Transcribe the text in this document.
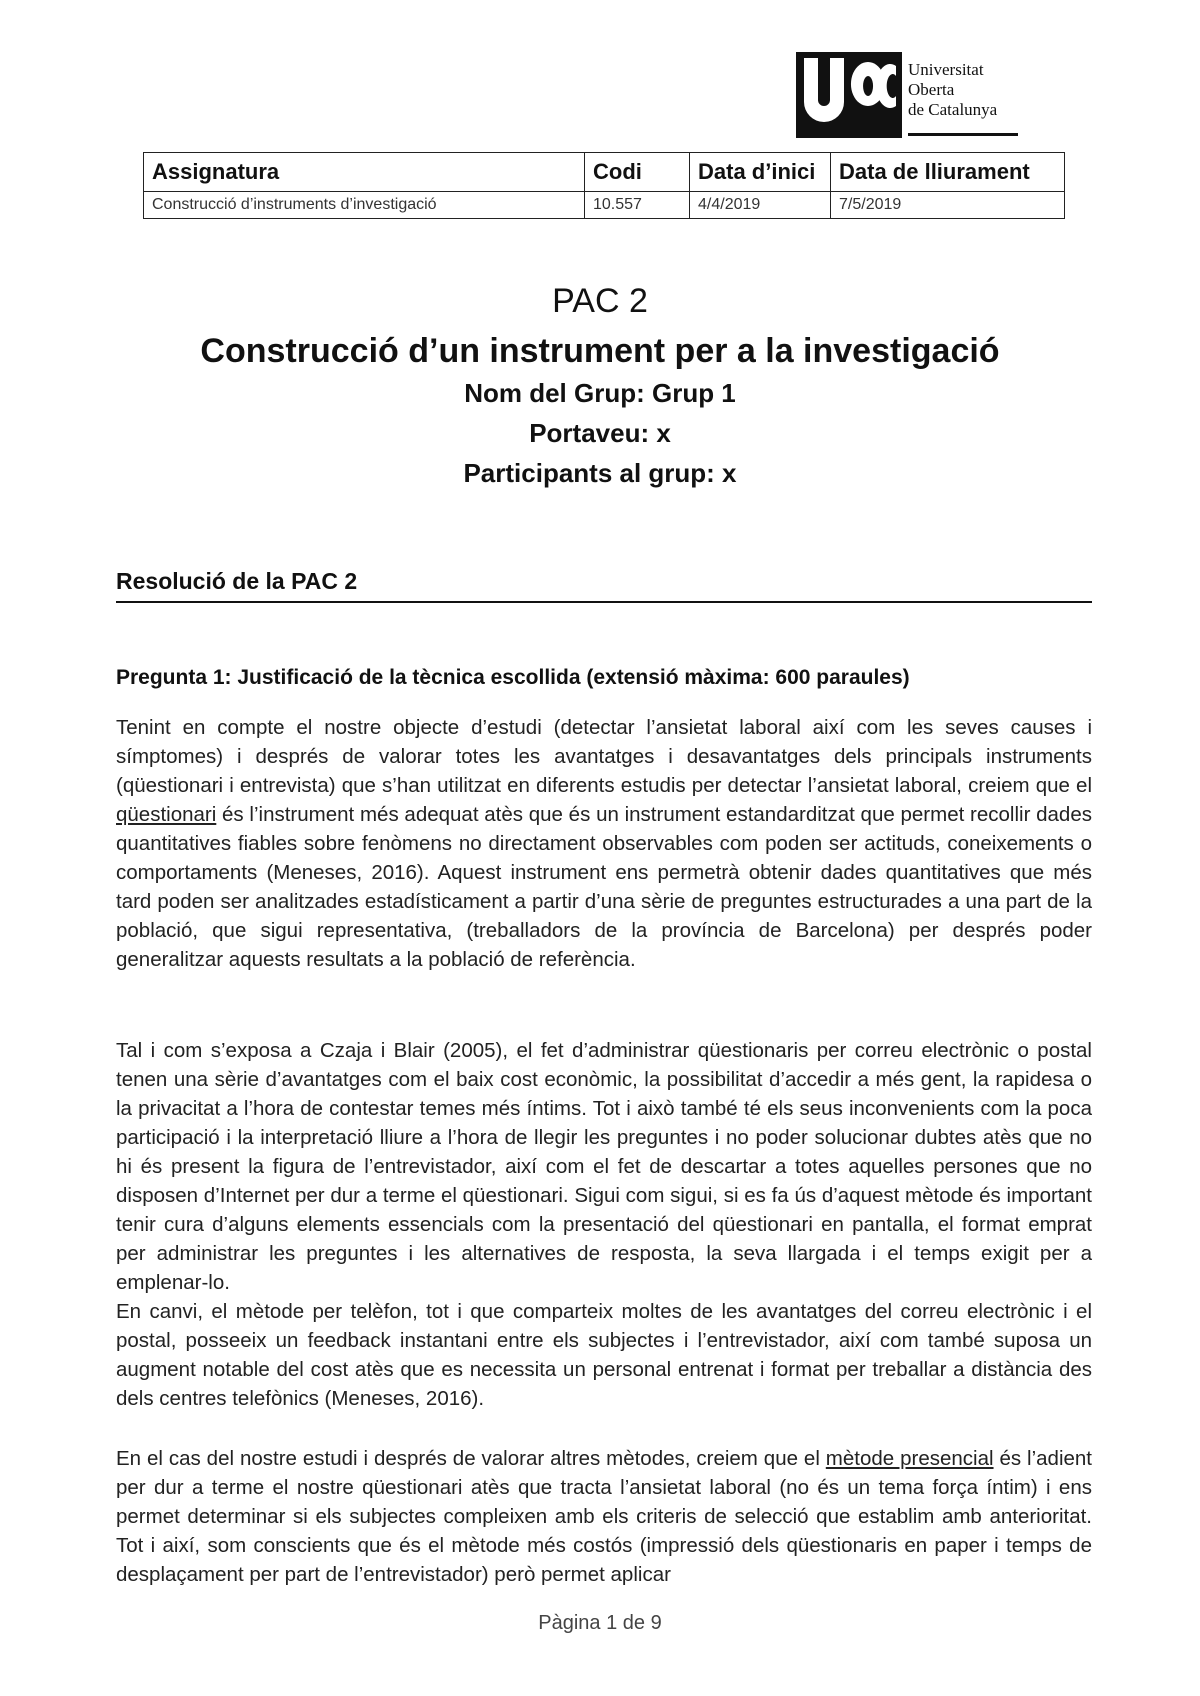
Universitat
Oberta
de Catalunya
Assignatura	Codi	Data d’inici	Data de lliurament
Construcció d’instruments d’investigació	10.557	4/4/2019	7/5/2019
PAC 2
Construcció d’un instrument per a la investigació
Nom del Grup: Grup 1
Portaveu: x
Participants al grup: x
Resolució de la PAC 2
Pregunta 1: Justificació de la tècnica escollida (extensió màxima: 600 paraules)

Tenint en compte el nostre objecte d’estudi (detectar l’ansietat laboral així com les seves causes i símptomes) i després de valorar totes les avantatges i desavantatges dels principals instruments (qüestionari i entrevista) que s’han utilitzat en diferents estudis per detectar l’ansietat laboral, creiem que el qüestionari és l’instrument més adequat atès que és un instrument estandarditzat que permet recollir dades quantitatives fiables sobre fenòmens no directament observables com poden ser actituds, coneixements o comportaments (Meneses, 2016). Aquest instrument ens permetrà obtenir dades quantitatives que més tard poden ser analitzades estadísticament a partir d’una sèrie de preguntes estructurades a una part de la població, que sigui representativa, (treballadors de la província de Barcelona) per després poder generalitzar aquests resultats a la població de referència.

Tal i com s’exposa a Czaja i Blair (2005), el fet d’administrar qüestionaris per correu electrònic o postal tenen una sèrie d’avantatges com el baix cost econòmic, la possibilitat d’accedir a més gent, la rapidesa o la privacitat a l’hora de contestar temes més íntims. Tot i això també té els seus inconvenients com la poca participació i la interpretació lliure a l’hora de llegir les preguntes i no poder solucionar dubtes atès que no hi és present la figura de l’entrevistador, així com el fet de descartar a totes aquelles persones que no disposen d’Internet per dur a terme el qüestionari. Sigui com sigui, si es fa ús d’aquest mètode és important tenir cura d’alguns elements essencials com la presentació del qüestionari en pantalla, el format emprat per administrar les preguntes i les alternatives de resposta, la seva llargada i el temps exigit per a emplenar-lo.
En canvi, el mètode per telèfon, tot i que comparteix moltes de les avantatges del correu electrònic i el postal, posseeix un feedback instantani entre els subjectes i l’entrevistador, així com també suposa un augment notable del cost atès que es necessita un personal entrenat i format per treballar a distància des dels centres telefònics (Meneses, 2016).

En el cas del nostre estudi i després de valorar altres mètodes, creiem que el mètode presencial és l’adient per dur a terme el nostre qüestionari atès que tracta l’ansietat laboral (no és un tema força íntim) i ens permet determinar si els subjectes compleixen amb els criteris de selecció que establim amb anterioritat. Tot i així, som conscients que és el mètode més costós (impressió dels qüestionaris en paper i temps de desplaçament per part de l’entrevistador) però permet aplicar

Pàgina 1 de 9
